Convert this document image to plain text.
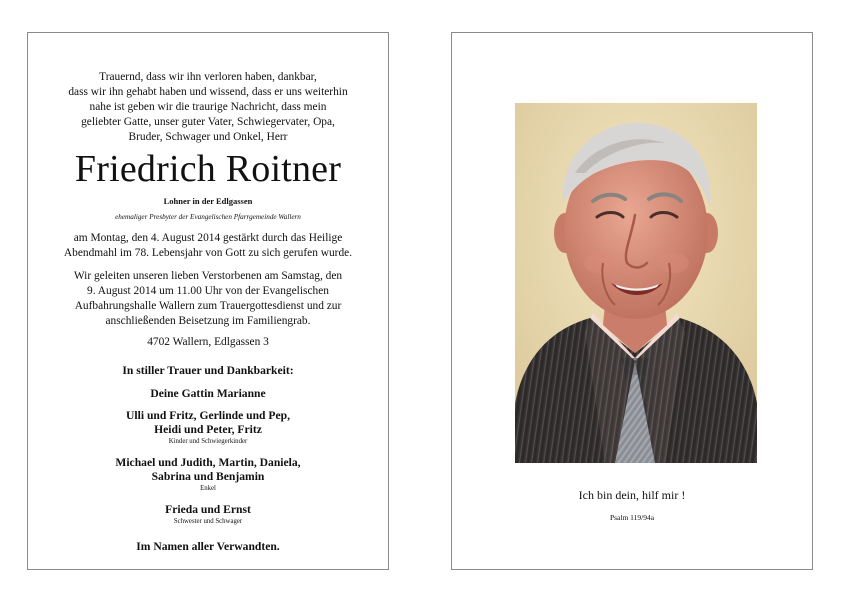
Trauernd, dass wir ihn verloren haben, dankbar,
dass wir ihn gehabt haben und wissend, dass er uns weiterhin
nahe ist geben wir die traurige Nachricht, dass mein
geliebter Gatte, unser guter Vater, Schwiegervater, Opa,
Bruder, Schwager und Onkel, Herr
Friedrich Roitner
Lohner in der Edlgassen
ehemaliger Presbyter der Evangelischen Pfarrgemeinde Wallern
am Montag, den 4. August 2014 gestärkt durch das Heilige
Abendmahl im 78. Lebensjahr von Gott zu sich gerufen wurde.
Wir geleiten unseren lieben Verstorbenen am Samstag, den
9. August 2014 um 11.00 Uhr von der Evangelischen
Aufbahrungshalle Wallern zum Trauergottesdienst und zur
anschließenden Beisetzung im Familiengrab.
4702 Wallern, Edlgassen 3
In stiller Trauer und Dankbarkeit:
Deine Gattin Marianne
Ulli und Fritz, Gerlinde und Pep,
Heidi und Peter, Fritz
Kinder und Schwiegerkinder
Michael und Judith, Martin, Daniela,
Sabrina und Benjamin
Enkel
Frieda und Ernst
Schwester und Schwager
Im Namen aller Verwandten.
Ich bin dein, hilf mir !
Psalm 119/94a
